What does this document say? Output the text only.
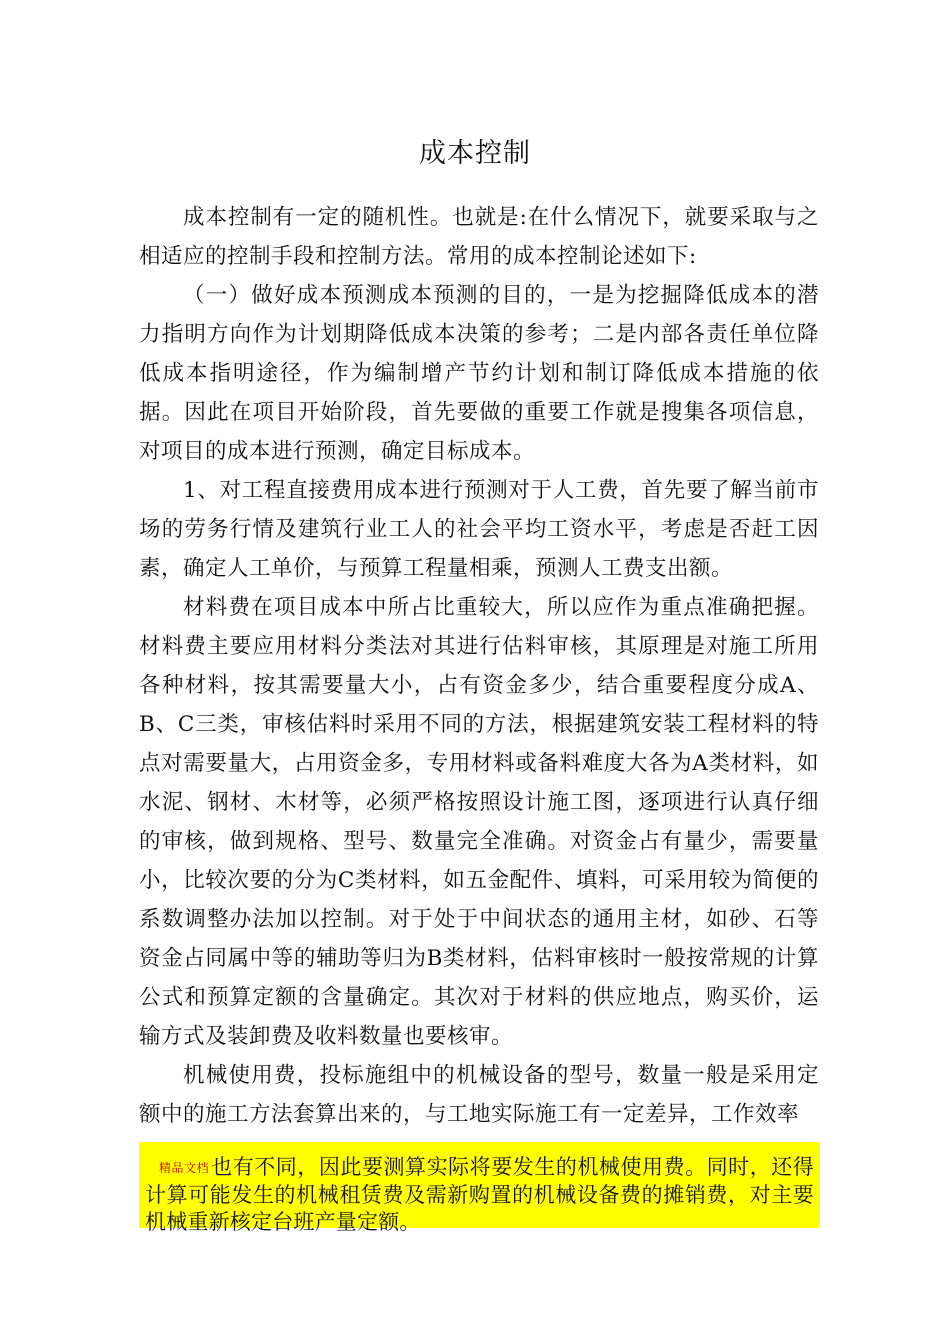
成本控制

成本控制有一定的随机性。也就是:在什么情况下，就要采取与之相适应的控制手段和控制方法。常用的成本控制论述如下:

（一）做好成本预测成本预测的目的，一是为挖掘降低成本的潜力指明方向作为计划期降低成本决策的参考；二是内部各责任单位降低成本指明途径，作为编制增产节约计划和制订降低成本措施的依据。因此在项目开始阶段，首先要做的重要工作就是搜集各项信息，对项目的成本进行预测，确定目标成本。

1、对工程直接费用成本进行预测对于人工费，首先要了解当前市场的劳务行情及建筑行业工人的社会平均工资水平，考虑是否赶工因素，确定人工单价，与预算工程量相乘，预测人工费支出额。

材料费在项目成本中所占比重较大，所以应作为重点准确把握。材料费主要应用材料分类法对其进行估料审核，其原理是对施工所用各种材料，按其需要量大小，占有资金多少，结合重要程度分成A、B、C三类，审核估料时采用不同的方法，根据建筑安装工程材料的特点对需要量大，占用资金多，专用材料或备料难度大各为A类材料，如水泥、钢材、木材等，必须严格按照设计施工图，逐项进行认真仔细的审核，做到规格、型号、数量完全准确。对资金占有量少，需要量小，比较次要的分为C类材料，如五金配件、填料，可采用较为简便的系数调整办法加以控制。对于处于中间状态的通用主材，如砂、石等资金占同属中等的辅助等归为B类材料，估料审核时一般按常规的计算公式和预算定额的含量确定。其次对于材料的供应地点，购买价，运输方式及装卸费及收料数量也要核审。

机械使用费，投标施组中的机械设备的型号，数量一般是采用定额中的施工方法套算出来的，与工地实际施工有一定差异，工作效率

精品文档也有不同，因此要测算实际将要发生的机械使用费。同时，还得计算可能发生的机械租赁费及需新购置的机械设备费的摊销费，对主要机械重新核定台班产量定额。
